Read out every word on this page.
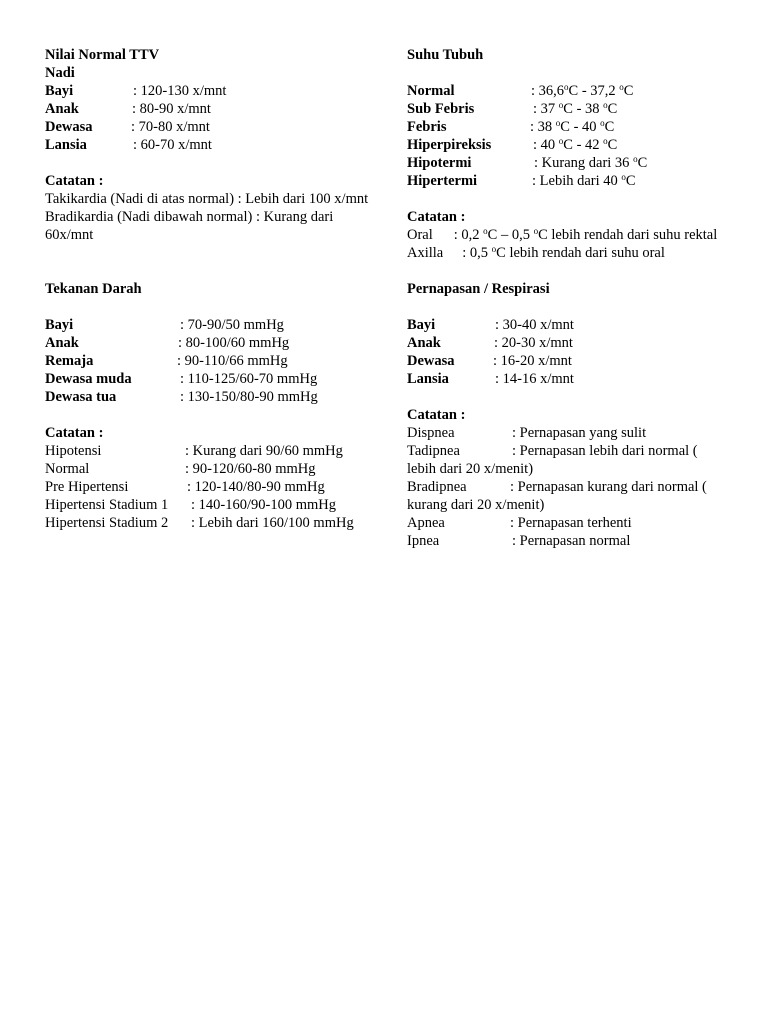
Nilai Normal TTV
Nadi
Bayi	: 120-130 x/mnt
Anak	: 80-90 x/mnt
Dewasa	: 70-80 x/mnt
Lansia	: 60-70 x/mnt
Catatan :
Takikardia (Nadi di atas normal) : Lebih dari 100 x/mnt
Bradikardia (Nadi dibawah normal) : Kurang dari 60x/mnt
Tekanan Darah
Bayi	: 70-90/50 mmHg
Anak	: 80-100/60 mmHg
Remaja	: 90-110/66 mmHg
Dewasa muda	: 110-125/60-70 mmHg
Dewasa tua	: 130-150/80-90 mmHg
Catatan :
Hipotensi	: Kurang dari 90/60 mmHg
Normal	: 90-120/60-80 mmHg
Pre Hipertensi	: 120-140/80-90 mmHg
Hipertensi Stadium 1 : 140-160/90-100 mmHg
Hipertensi Stadium 2 : Lebih dari 160/100 mmHg
Suhu Tubuh
Normal	: 36,6$^o$C - 37,2 $^o$C
Sub Febris	: 37 $^o$C - 38 $^o$C
Febris	: 38 $^o$C - 40 $^o$C
Hiperpireksis	: 40 $^o$C - 42 $^o$C
Hipotermi	: Kurang dari 36 $^o$C
Hipertermi	: Lebih dari 40 $^o$C
Catatan :
Oral : 0,2 $^o$C – 0,5 $^o$C lebih rendah dari suhu rektal
Axilla : 0,5 $^o$C lebih rendah dari suhu oral
Pernapasan / Respirasi
Bayi	: 30-40 x/mnt
Anak	: 20-30 x/mnt
Dewasa	: 16-20 x/mnt
Lansia	: 14-16 x/mnt
Catatan :
Dispnea	: Pernapasan yang sulit
Tadipnea	: Pernapasan lebih dari normal (
lebih dari 20 x/menit)
Bradipnea	: Pernapasan kurang dari normal (
kurang dari 20 x/menit)
Apnea	: Pernapasan terhenti
Ipnea	: Pernapasan normal
